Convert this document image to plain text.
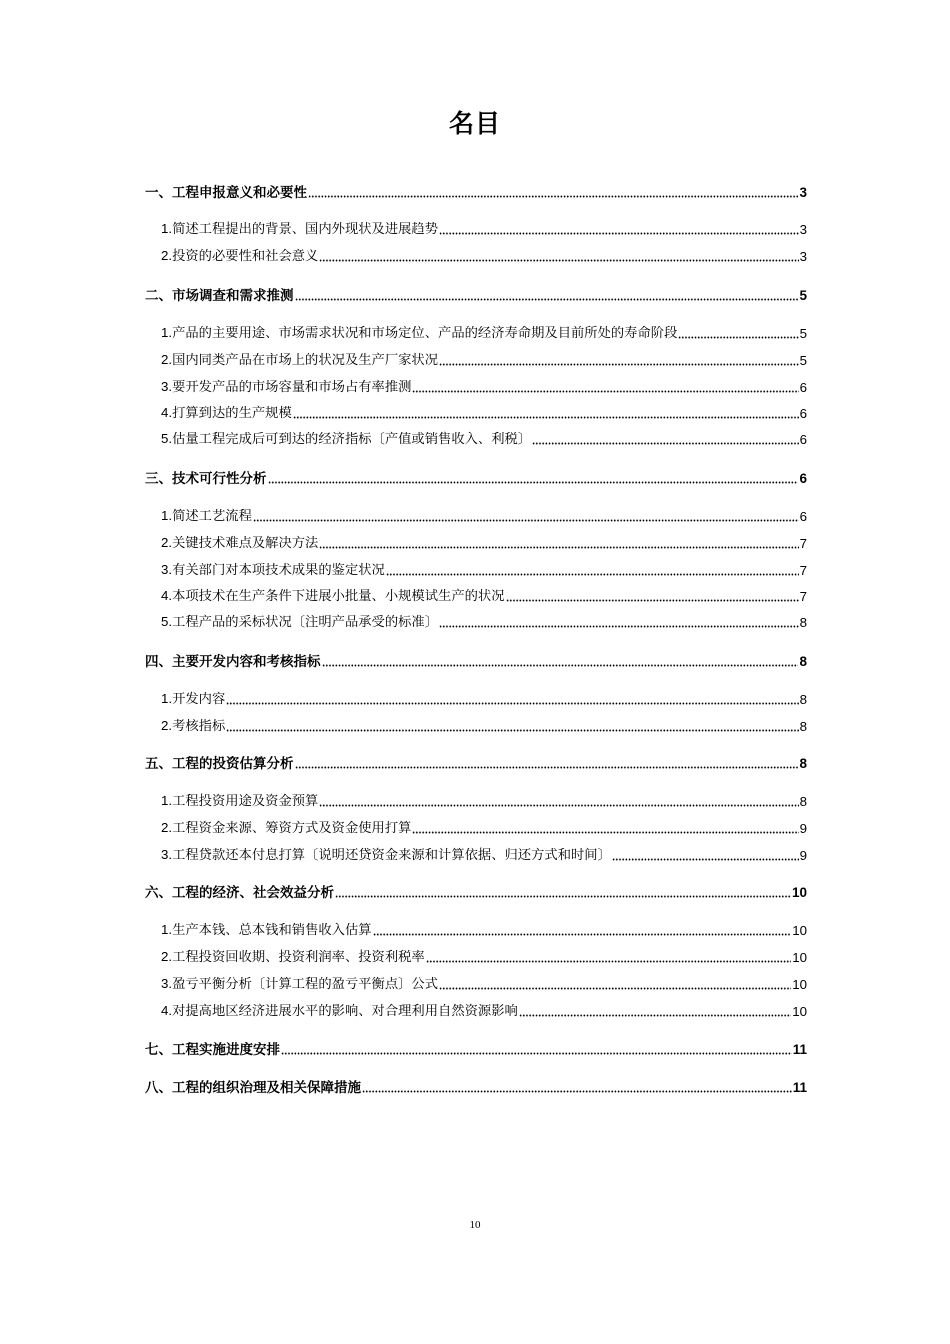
名目
一、工程申报意义和必要性	3
1.简述工程提出的背景、国内外现状及进展趋势	3
2.投资的必要性和社会意义	3
二、市场调查和需求推测	5
1.产品的主要用途、市场需求状况和市场定位、产品的经济寿命期及目前所处的寿命阶段	5
2.国内同类产品在市场上的状况及生产厂家状况	5
3.要开发产品的市场容量和市场占有率推测	6
4.打算到达的生产规模	6
5.估量工程完成后可到达的经济指标〔产值或销售收入、利税〕	6
三、技术可行性分析	6
1.简述工艺流程	6
2.关键技术难点及解决方法	7
3.有关部门对本项技术成果的鉴定状况	7
4.本项技术在生产条件下进展小批量、小规模试生产的状况	7
5.工程产品的采标状况〔注明产品承受的标准〕	8
四、主要开发内容和考核指标	8
1.开发内容	8
2.考核指标	8
五、工程的投资估算分析	8
1.工程投资用途及资金预算	8
2.工程资金来源、筹资方式及资金使用打算	9
3.工程贷款还本付息打算〔说明还贷资金来源和计算依据、归还方式和时间〕	9
六、工程的经济、社会效益分析	10
1.生产本钱、总本钱和销售收入估算	10
2.工程投资回收期、投资利润率、投资利税率	10
3.盈亏平衡分析〔计算工程的盈亏平衡点〕公式	10
4.对提高地区经济进展水平的影响、对合理利用自然资源影响	10
七、工程实施进度安排	11
八、工程的组织治理及相关保障措施	11
10
